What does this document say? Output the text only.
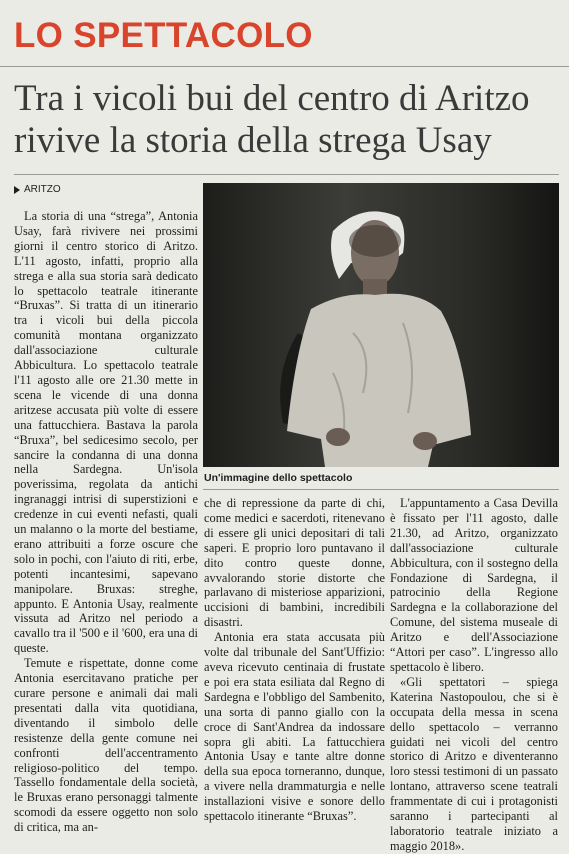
LO SPETTACOLO
Tra i vicoli bui del centro di Aritzo rivive la storia della strega Usay
ARITZO

La storia di una “strega”, Antonia Usay, farà rivivere nei prossimi giorni il centro storico di Aritzo. L'11 agosto, infatti, proprio alla strega e alla sua storia sarà dedicato lo spettacolo teatrale itinerante “Bruxas”. Si tratta di un itinerario tra i vicoli bui della piccola comunità montana organizzato dall'associazione culturale Abbicultura. Lo spettacolo teatrale l'11 agosto alle ore 21.30 mette in scena le vicende di una donna aritzese accusata più volte di essere una fattucchiera. Bastava la parola “Bruxa”, bel sedicesimo secolo, per sancire la condanna di una donna nella Sardegna. Un'isola poverissima, regolata da antichi ingranaggi intrisi di superstizioni e credenze in cui eventi nefasti, quali un malanno o la morte del bestiame, erano attribuiti a forze oscure che solo in pochi, con l'aiuto di riti, erbe, potenti incantesimi, sapevano manipolare. Bruxas: streghe, appunto. E Antonia Usay, realmente vissuta ad Aritzo nel periodo a cavallo tra il '500 e il '600, era una di queste.

Temute e rispettate, donne come Antonia esercitavano pratiche per curare persone e animali dai mali presentati dalla vita quotidiana, diventando il simbolo delle resistenze della gente comune nei confronti dell'accentramento religioso-politico del tempo. Tassello fondamentale della società, le Bruxas erano personaggi talmente scomodi da essere oggetto non solo di critica, ma an-

Un'immagine dello spettacolo

che di repressione da parte di chi, come medici e sacerdoti, ritenevano di essere gli unici depositari di tali saperi. E proprio loro puntavano il dito contro queste donne, avvalorando storie distorte che parlavano di misteriose apparizioni, uccisioni di bambini, incredibili disastri.

Antonia era stata accusata più volte dal tribunale del Sant'Uffizio: aveva ricevuto centinaia di frustate e poi era stata esiliata dal Regno di Sardegna e l'obbligo del Sambenito, una sorta di panno giallo con la croce di Sant'Andrea da indossare sopra gli abiti. La fattucchiera Antonia Usay e tante altre donne della sua epoca torneranno, dunque, a vivere nella drammaturgia e nelle installazioni visive e sonore dello spettacolo itinerante “Bruxas”.

L'appuntamento a Casa Devilla è fissato per l'11 agosto, dalle 21.30, ad Aritzo, organizzato dall'associazione culturale Abbicultura, con il sostegno della Fondazione di Sardegna, il patrocinio della Regione Sardegna e la collaborazione del Comune, del sistema museale di Aritzo e dell'Associazione “Attori per caso”. L'ingresso allo spettacolo è libero.

«Gli spettatori – spiega Katerina Nastopoulou, che si è occupata della messa in scena dello spettacolo – verranno guidati nei vicoli del centro storico di Aritzo e diventeranno loro stessi testimoni di un passato lontano, attraverso scene teatrali frammentate di cui i protagonisti saranno i partecipanti al laboratorio teatrale iniziato a maggio 2018».
